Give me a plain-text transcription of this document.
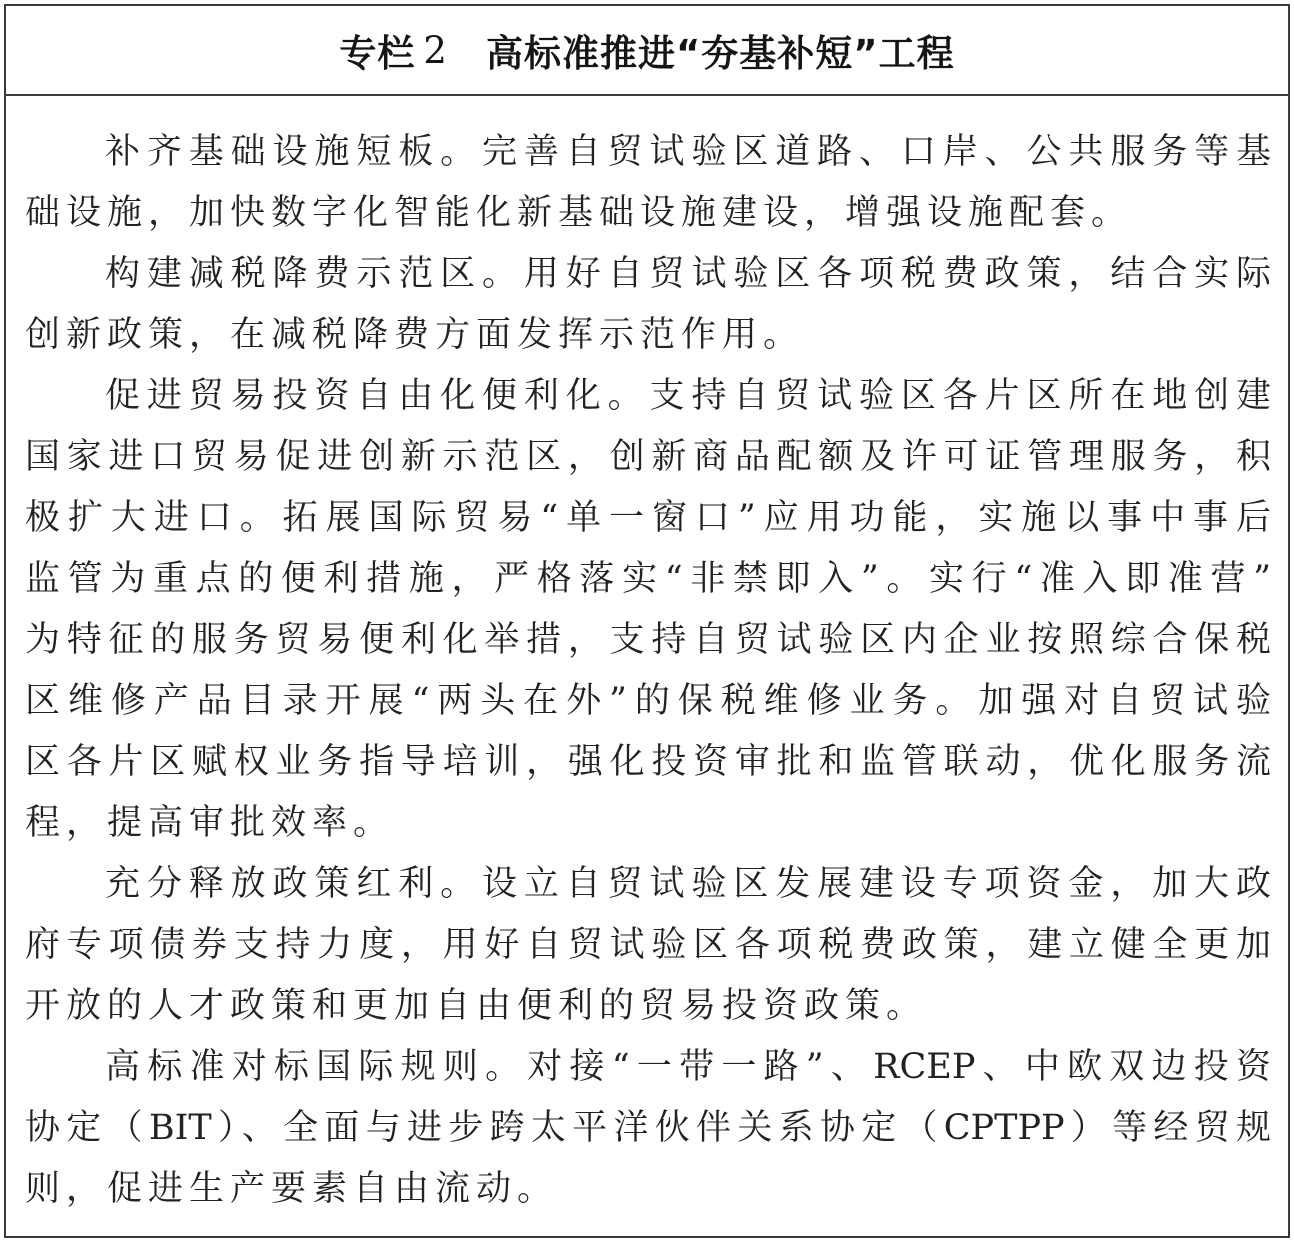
专栏 2 高标准推进“夯基补短”工程
补齐基础设施短板。完善自贸试验区道路、口岸、公共服务等基
础设施，加快数字化智能化新基础设施建设，增强设施配套。
构建减税降费示范区。用好自贸试验区各项税费政策，结合实际
创新政策，在减税降费方面发挥示范作用。
促进贸易投资自由化便利化。支持自贸试验区各片区所在地创建
国家进口贸易促进创新示范区，创新商品配额及许可证管理服务，积
极扩大进口。拓展国际贸易“单一窗口”应用功能，实施以事中事后
监管为重点的便利措施，严格落实“非禁即入”。实行“准入即准营”
为特征的服务贸易便利化举措，支持自贸试验区内企业按照综合保税
区维修产品目录开展“两头在外”的保税维修业务。加强对自贸试验
区各片区赋权业务指导培训，强化投资审批和监管联动，优化服务流
程，提高审批效率。
充分释放政策红利。设立自贸试验区发展建设专项资金，加大政
府专项债券支持力度，用好自贸试验区各项税费政策，建立健全更加
开放的人才政策和更加自由便利的贸易投资政策。
高标准对标国际规则。对接“一带一路”、RCEP、中欧双边投资
协定（BIT）、全面与进步跨太平洋伙伴关系协定（CPTPP）等经贸规
则，促进生产要素自由流动。
